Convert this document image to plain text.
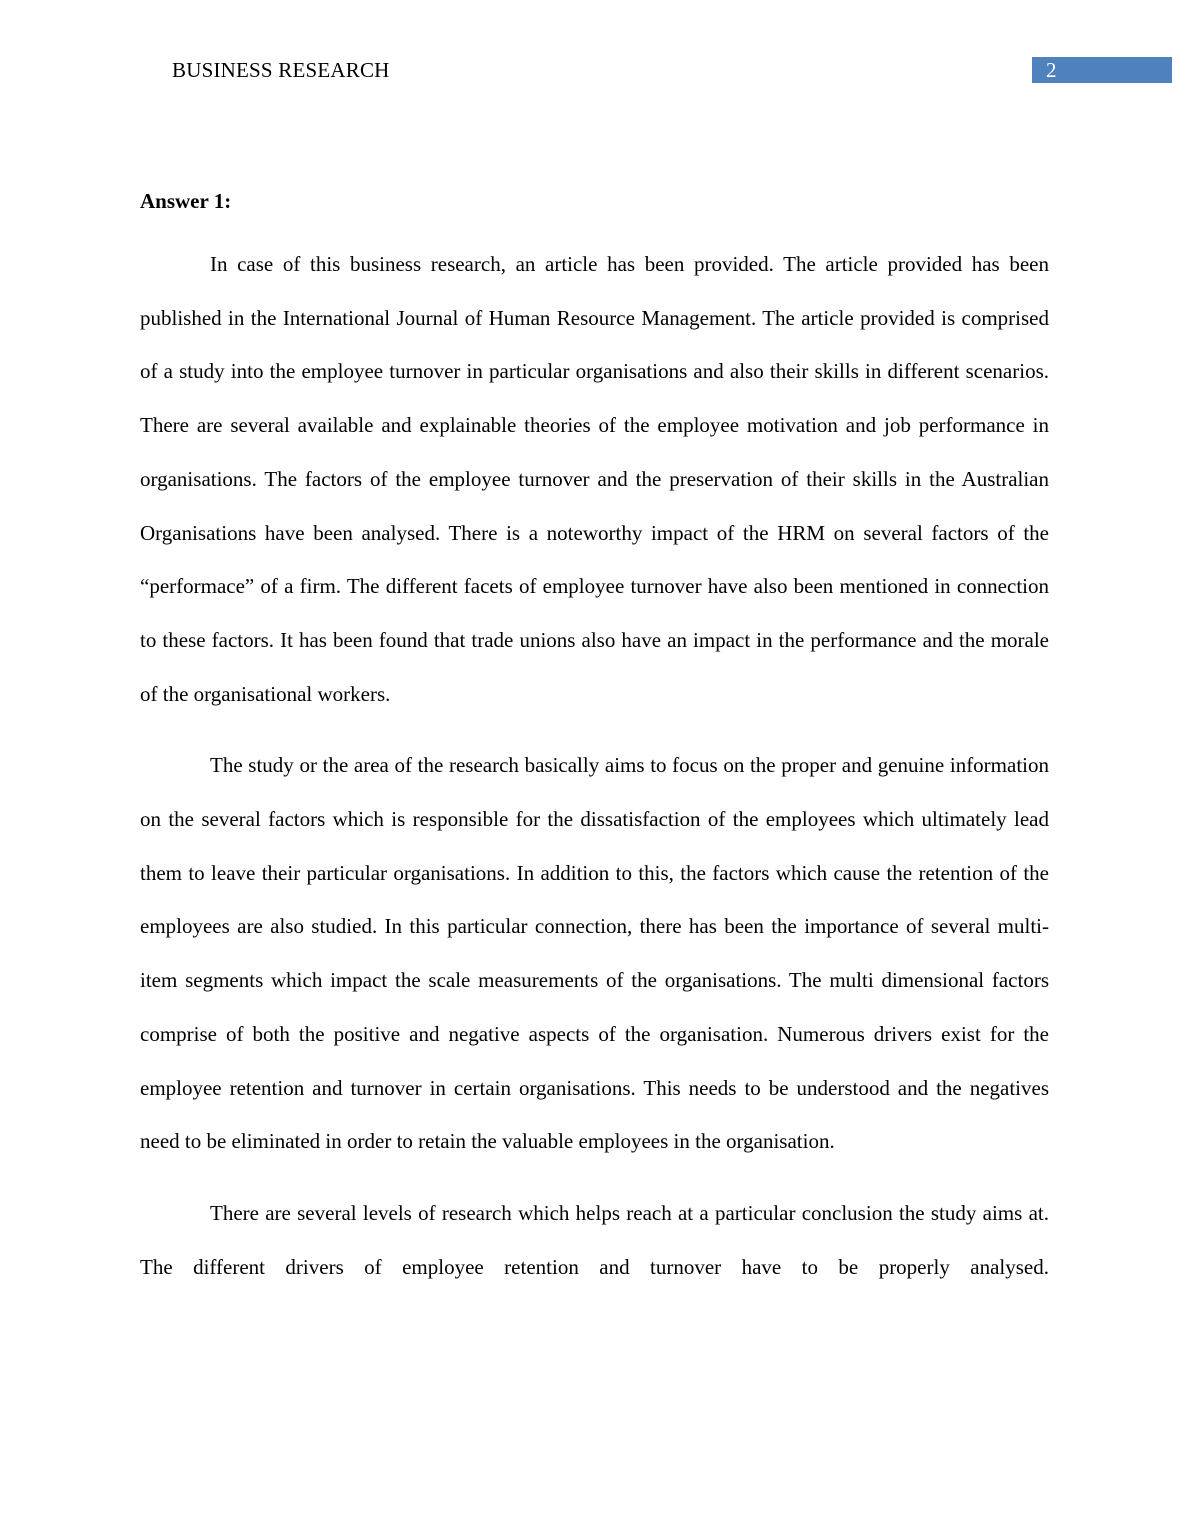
BUSINESS RESEARCH	2
Answer 1:

In case of this business research, an article has been provided. The article provided has been published in the International Journal of Human Resource Management. The article provided is comprised of a study into the employee turnover in particular organisations and also their skills in different scenarios. There are several available and explainable theories of the employee motivation and job performance in organisations. The factors of the employee turnover and the preservation of their skills in the Australian Organisations have been analysed. There is a noteworthy impact of the HRM on several factors of the “performace” of a firm. The different facets of employee turnover have also been mentioned in connection to these factors. It has been found that trade unions also have an impact in the performance and the morale of the organisational workers.

The study or the area of the research basically aims to focus on the proper and genuine information on the several factors which is responsible for the dissatisfaction of the employees which ultimately lead them to leave their particular organisations. In addition to this, the factors which cause the retention of the employees are also studied. In this particular connection, there has been the importance of several multi-item segments which impact the scale measurements of the organisations. The multi dimensional factors comprise of both the positive and negative aspects of the organisation. Numerous drivers exist for the employee retention and turnover in certain organisations. This needs to be understood and the negatives need to be eliminated in order to retain the valuable employees in the organisation.

There are several levels of research which helps reach at a particular conclusion the study aims at. The different drivers of employee retention and turnover have to be properly analysed.
